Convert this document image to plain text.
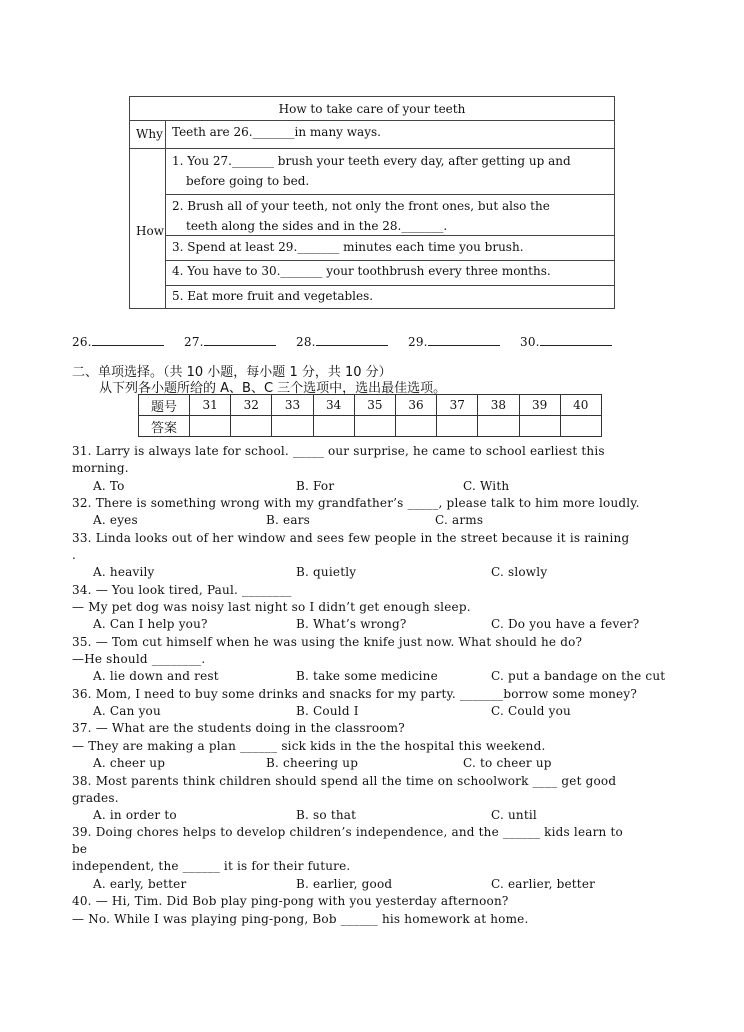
How to take care of your teeth
Why Teeth are 26._______in many ways.
How
1. You 27._______ brush your teeth every day, after getting up and
before going to bed.
2. Brush all of your teeth, not only the front ones, but also the
teeth along the sides and in the 28._______.
3. Spend at least 29._______ minutes each time you brush.
4. You have to 30._______ your toothbrush every three months.
5. Eat more fruit and vegetables.
26.	27.	28.	29.	30.
二、单项选择。（共 10 小题，每小题 1 分，共 10 分）
从下列各小题所给的 A、B、C 三个选项中，选出最佳选项。
题号	31	32	33	34	35	36	37	38	39	40
答案										
31. Larry is always late for school. _____ our surprise, he came to school earliest this
morning.
A. To	B. For	C. With
32. There is something wrong with my grandfather’s _____, please talk to him more loudly.
A. eyes	B. ears	C. arms
33. Linda looks out of her window and sees few people in the street because it is raining
.
A. heavily	B. quietly	C. slowly
34. — You look tired, Paul. ________
— My pet dog was noisy last night so I didn’t get enough sleep.
A. Can I help you?	B. What’s wrong?	C. Do you have a fever?
35. — Tom cut himself when he was using the knife just now. What should he do?
—He should ________.
A. lie down and rest	B. take some medicine	C. put a bandage on the cut
36. Mom, I need to buy some drinks and snacks for my party. _______borrow some money?
A. Can you	B. Could I	C. Could you
37. — What are the students doing in the classroom?
— They are making a plan ______ sick kids in the the hospital this weekend.
A. cheer up	B. cheering up	C. to cheer up
38. Most parents think children should spend all the time on schoolwork ____ get good
grades.
A. in order to	B. so that	C. until
39. Doing chores helps to develop children’s independence, and the ______ kids learn to
be
independent, the ______ it is for their future.
A. early, better	B. earlier, good	C. earlier, better
40. — Hi, Tim. Did Bob play ping-pong with you yesterday afternoon?
— No. While I was playing ping-pong, Bob ______ his homework at home.
